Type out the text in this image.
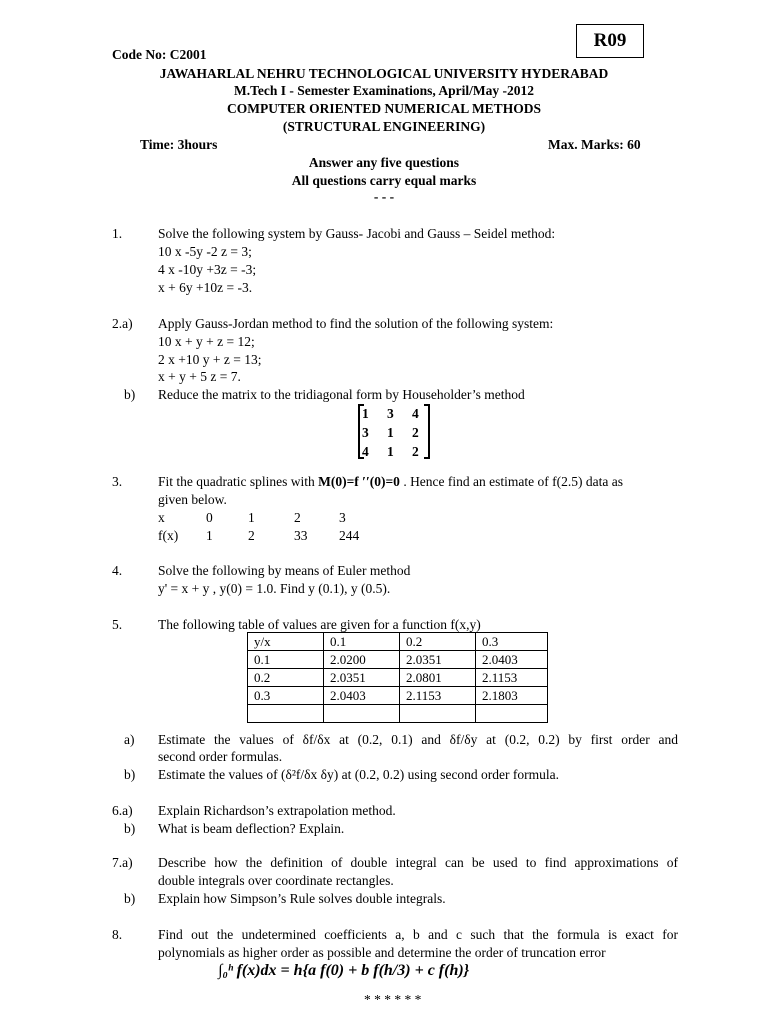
Code No: C2001
R09
JAWAHARLAL NEHRU TECHNOLOGICAL UNIVERSITY HYDERABAD
M.Tech I - Semester Examinations, April/May -2012
COMPUTER ORIENTED NUMERICAL METHODS
(STRUCTURAL ENGINEERING)
Time: 3hours	Max. Marks: 60
Answer any five questions
All questions carry equal marks
- - -
1.	Solve the following system by Gauss- Jacobi and Gauss – Seidel method:
10 x -5y -2 z = 3;
4 x -10y +3z = -3;
x + 6y +10z = -3.
2.a) Apply Gauss-Jordan method to find the solution of the following system:
10 x + y + z = 12;
2 x +10 y + z = 13;
x + y + 5 z = 7.
b) Reduce the matrix to the tridiagonal form by Householder’s method
1 3 4
3 1 2
4 1 2
3.	Fit the quadratic splines with M(0)=f ′′(0)=0 . Hence find an estimate of f(2.5) data as
given below.
x	0	1	2	3
f(x) 1	2	33 244
4.	Solve the following by means of Euler method
y' = x + y , y(0) = 1.0. Find y (0.1), y (0.5).
5.	The following table of values are given for a function f(x,y)
y/x	0.1	0.2	0.3
0.1	2.0200	2.0351	2.0403
0.2	2.0351	2.0801	2.1153
0.3	2.0403	2.1153	2.1803

a) Estimate the values of δf/δx at (0.2, 0.1) and δf/δy at (0.2, 0.2) by first order and
second order formulas.
b) Estimate the values of (δ²f/δx δy) at (0.2, 0.2) using second order formula.
6.a) Explain Richardson’s extrapolation method.
b) What is beam deflection? Explain.
7.a) Describe how the definition of double integral can be used to find approximations of
double integrals over coordinate rectangles.
b) Explain how Simpson’s Rule solves double integrals.
8.	Find out the undetermined coefficients a, b and c such that the formula is exact for
polynomials as higher order as possible and determine the order of truncation error
∫₀ʰ f(x)dx = h{a f(0) + b f(h/3) + c f(h)}
* * * * * *
